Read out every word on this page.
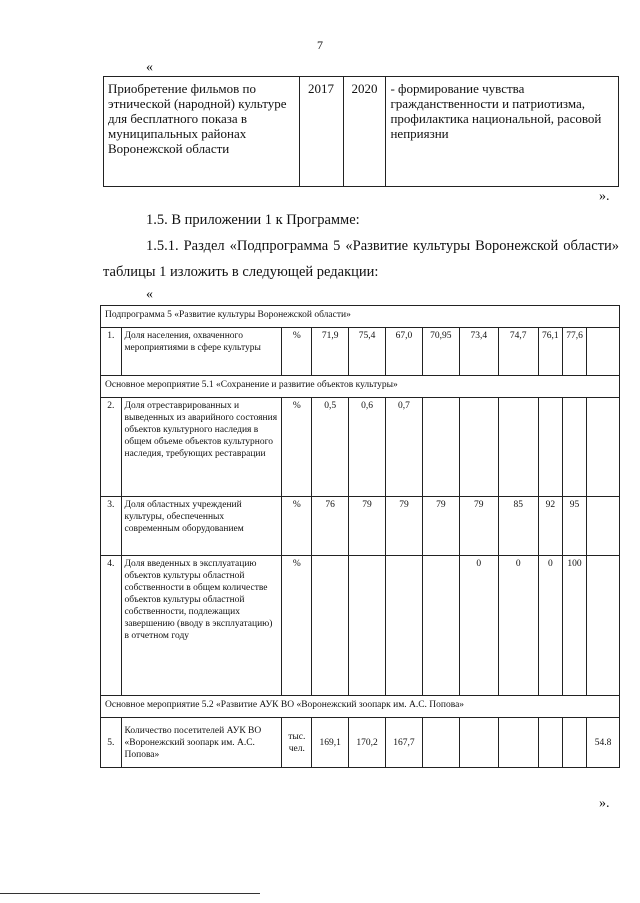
7
«
Приобретение фильмов по этнической (народной) культуре для бесплатного показа в муниципальных районах Воронежской области	2017	2020	- формирование чувства гражданственности и патриотизма, профилактика национальной, расовой неприязни
».
1.5. В приложении 1 к Программе:
1.5.1. Раздел «Подпрограмма 5 «Развитие культуры Воронежской области» таблицы 1 изложить в следующей редакции:
«
Подпрограмма 5 «Развитие культуры Воронежской области»											
1.	Доля населения, охваченного мероприятиями в сфере культуры	%	71,9	75,4	67,0	70,95	73,4	74,7	76,1	77,6	
Основное мероприятие 5.1 «Сохранение и развитие объектов культуры»											
2.	Доля отреставрированных и выведенных из аварийного состояния объектов культурного наследия в общем объеме объектов культурного наследия, требующих реставрации	%	0,5	0,6	0,7						
3.	Доля областных учреждений культуры, обеспеченных современным оборудованием	%	76	79	79	79	79	85	92	95	
4.	Доля введенных в эксплуатацию объектов культуры областной собственности в общем количестве объектов культуры областной собственности, подлежащих завершению (вводу в эксплуатацию) в отчетном году	%					0	0	0	100	
Основное мероприятие 5.2 «Развитие АУК ВО «Воронежский зоопарк им. А.С. Попова»											
5.	Количество посетителей АУК ВО «Воронежский зоопарк им. А.С. Попова»	тыс. чел.	169,1	170,2	167,7						54.8
».
